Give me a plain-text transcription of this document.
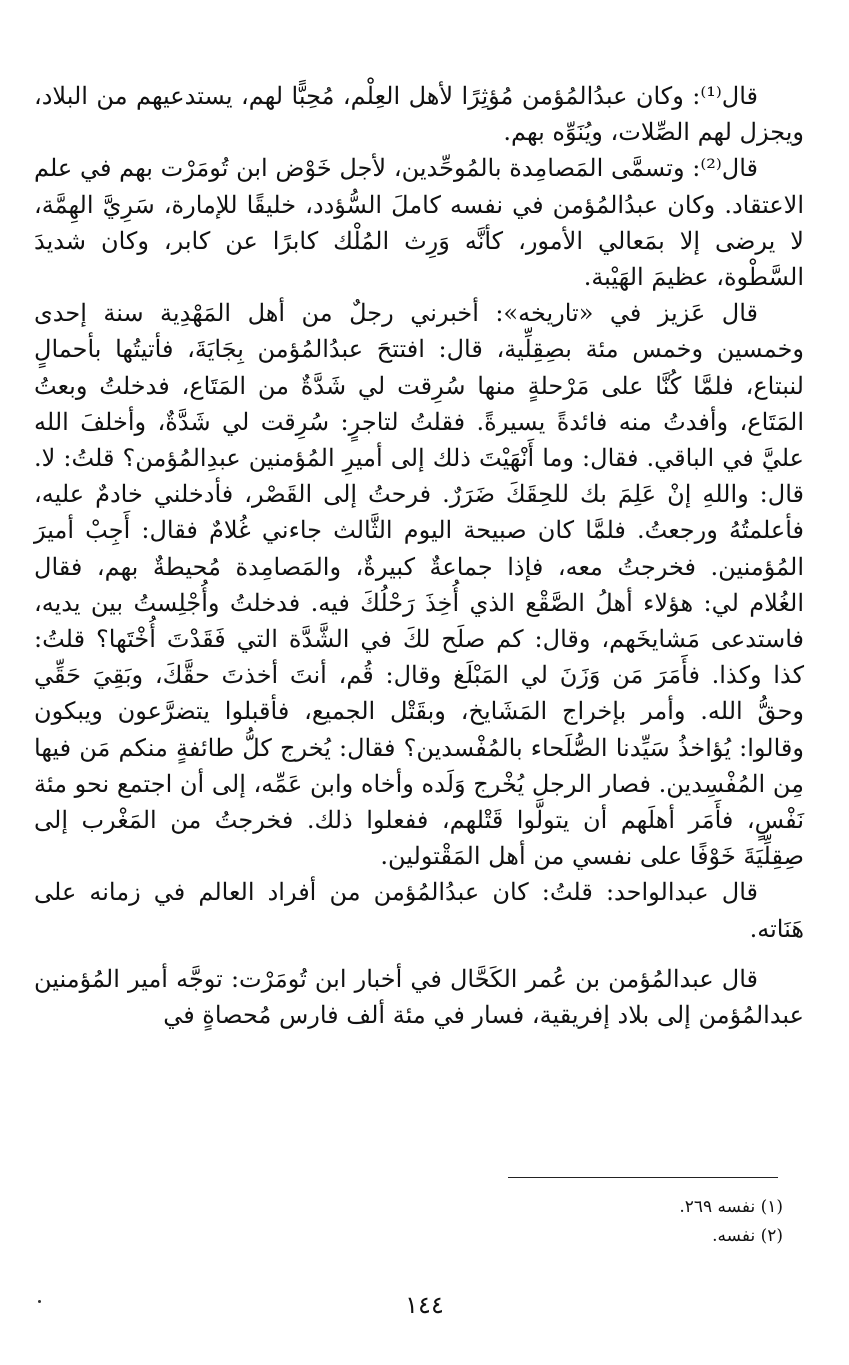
قال⁽¹⁾: وكان عبدُالمُؤمن مُؤثِرًا لأهل العِلْم، مُحِبًّا لهم، يستدعيهم من البلاد، ويجزل لهم الصِّلات، ويُنَوِّه بهم.

قال⁽²⁾: وتسمَّى المَصامِدة بالمُوحِّدين، لأجل خَوْض ابن تُومَرْت بهم في علم الاعتقاد. وكان عبدُالمُؤمن في نفسه كاملَ السُّؤدد، خليقًا للإمارة، سَرِيَّ الهِمَّة، لا يرضى إلا بمَعالي الأمور، كأنَّه وَرِث المُلْك كابرًا عن كابر، وكان شديدَ السَّطْوة، عظيمَ الهَيْبة.

قال عَزيز في «تاريخه»: أخبرني رجلٌ من أهل المَهْدِية سنة إحدى وخمسين وخمس مئة بصِقِلِّية، قال: افتتحَ عبدُالمُؤمن بِجَايَةَ، فأتيتُها بأحمالٍ لنبتاع، فلمَّا كُنَّا على مَرْحلةٍ منها سُرِقت لي شَدَّةٌ من المَتَاع، فدخلتُ وبعتُ المَتَاع، وأفدتُ منه فائدةً يسيرةً. فقلتُ لتاجرٍ: سُرِقت لي شَدَّةٌ، وأخلفَ الله عليَّ في الباقي. فقال: وما أَنْهَيْتَ ذلك إلى أميرِ المُؤمنين عبدِالمُؤمن؟ قلتُ: لا. قال: واللهِ إنْ عَلِمَ بك للحِقَكَ ضَرَرٌ. فرحتُ إلى القَصْر، فأدخلني خادمٌ عليه، فأعلمتُهُ ورجعتُ. فلمَّا كان صبيحة اليوم الثَّالث جاءني غُلامٌ فقال: أَجِبْ أميرَ المُؤمنين. فخرجتُ معه، فإذا جماعةٌ كبيرةٌ، والمَصامِدة مُحيطةٌ بهم، فقال الغُلام لي: هؤلاء أهلُ الصَّقْع الذي أُخِذَ رَحْلُكَ فيه. فدخلتُ وأُجْلِستُ بين يديه، فاستدعى مَشايخَهم، وقال: كم صلَح لكَ في الشَّدَّة التي فَقَدْتَ أُخْتَها؟ قلتُ: كذا وكذا. فأَمَرَ مَن وَزَنَ لي المَبْلَغ وقال: قُم، أنتَ أخذتَ حقَّكَ، وبَقِيَ حَقِّي وحقُّ الله. وأمر بإخراج المَشَايخ، وبقَتْل الجميع، فأقبلوا يتضرَّعون ويبكون وقالوا: يُؤاخذُ سَيِّدنا الصُّلَحاء بالمُفْسدين؟ فقال: يُخرج كلُّ طائفةٍ منكم مَن فيها مِن المُفْسِدين. فصار الرجل يُخْرج وَلَده وأخاه وابن عَمِّه، إلى أن اجتمع نحو مئة نَفْسٍ، فأَمَر أهلَهم أن يتولَّوا قَتْلهم، ففعلوا ذلك. فخرجتُ من المَغْرب إلى صِقِلِّيَةَ خَوْفًا على نفسي من أهل المَقْتولين.

قال عبدالواحد: قلتُ: كان عبدُالمُؤمن من أفراد العالم في زمانه على هَنَاته.

قال عبدالمُؤمن بن عُمر الكَحَّال في أخبار ابن تُومَرْت: توجَّه أمير المُؤمنين عبدالمُؤمن إلى بلاد إفريقية، فسار في مئة ألف فارس مُحصاةٍ في

(١) نفسه ٢٦٩.

(٢) نفسه.

١٤٤
